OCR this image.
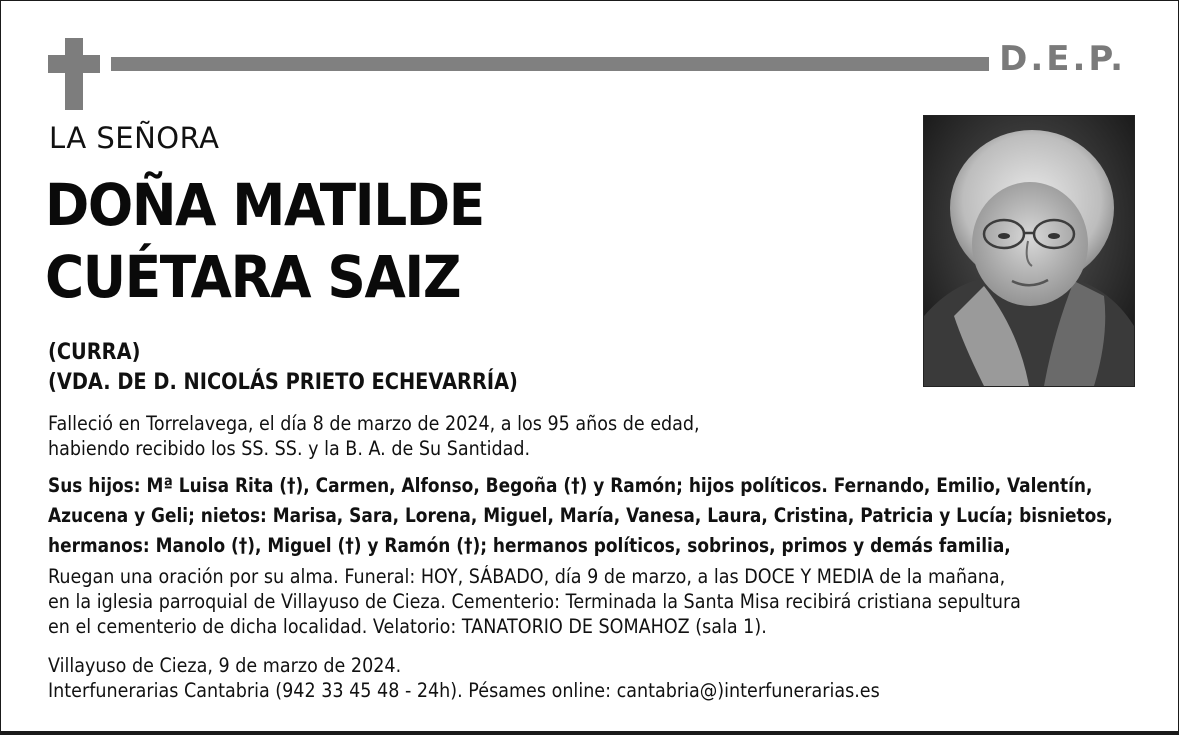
D.E.P.
LA SEÑORA
DOÑA MATILDE
CUÉTARA SAIZ
(CURRA)
(VDA. DE D. NICOLÁS PRIETO ECHEVARRÍA)
Falleció en Torrelavega, el día 8 de marzo de 2024, a los 95 años de edad,
habiendo recibido los SS. SS. y la B. A. de Su Santidad.
Sus hijos: Mª Luisa Rita (†), Carmen, Alfonso, Begoña (†) y Ramón; hijos políticos. Fernando, Emilio, Valentín,
Azucena y Geli; nietos: Marisa, Sara, Lorena, Miguel, María, Vanesa, Laura, Cristina, Patricia y Lucía; bisnietos,
hermanos: Manolo (†), Miguel (†) y Ramón (†); hermanos políticos, sobrinos, primos y demás familia,
Ruegan una oración por su alma. Funeral: HOY, SÁBADO, día 9 de marzo, a las DOCE Y MEDIA de la mañana,
en la iglesia parroquial de Villayuso de Cieza. Cementerio: Terminada la Santa Misa recibirá cristiana sepultura
en el cementerio de dicha localidad. Velatorio: TANATORIO DE SOMAHOZ (sala 1).
Villayuso de Cieza, 9 de marzo de 2024.
Interfunerarias Cantabria (942 33 45 48 - 24h). Pésames online: cantabria@)interfunerarias.es
